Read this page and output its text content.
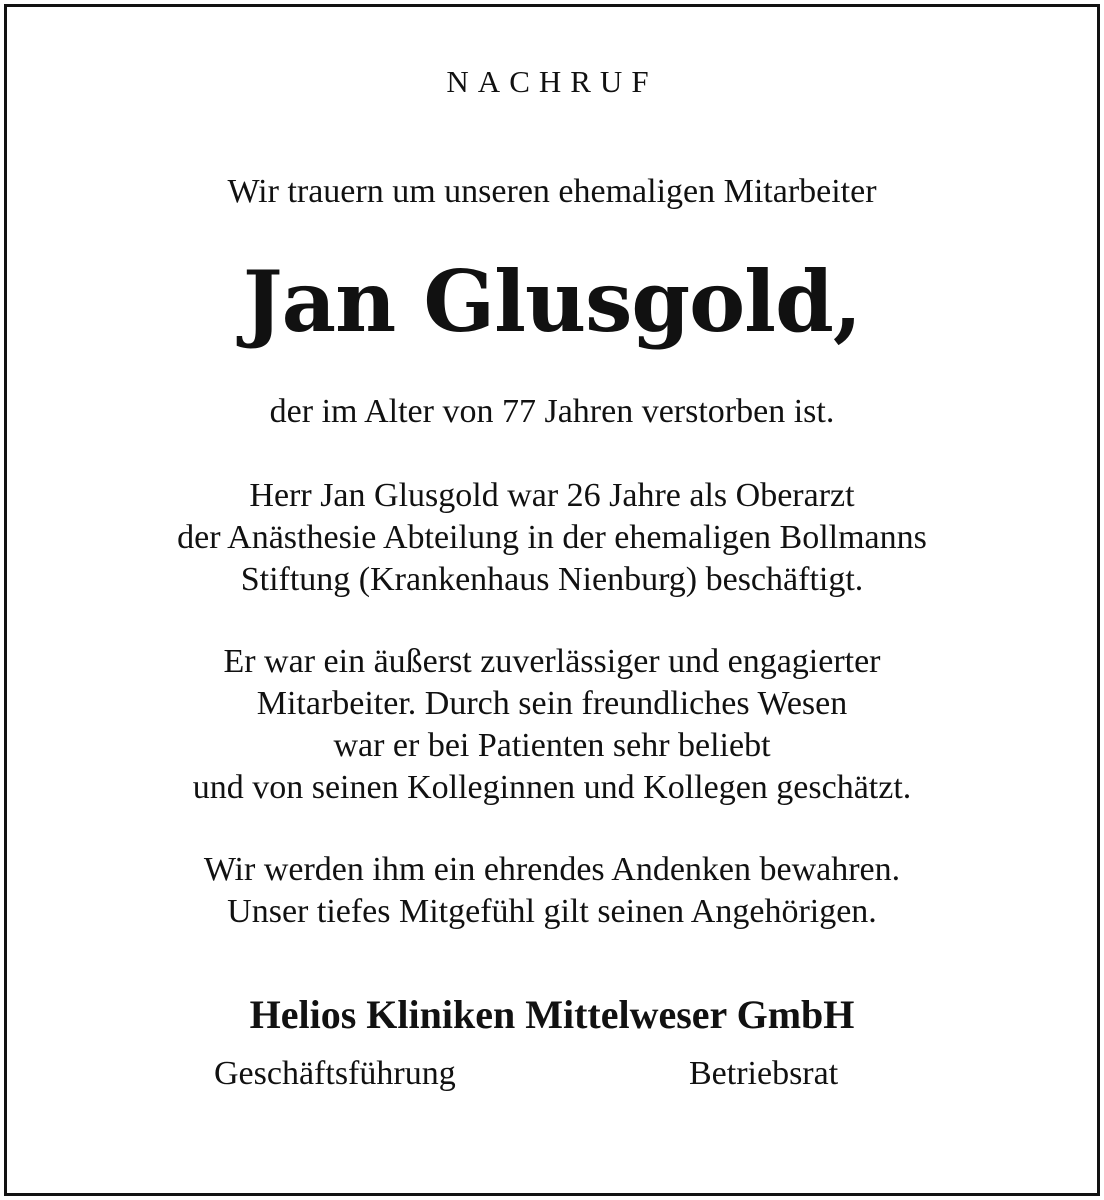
NACHRUF
Wir trauern um unseren ehemaligen Mitarbeiter
Jan Glusgold,
der im Alter von 77 Jahren verstorben ist.
Herr Jan Glusgold war 26 Jahre als Oberarzt
der Anästhesie Abteilung in der ehemaligen Bollmanns
Stiftung (Krankenhaus Nienburg) beschäftigt.
Er war ein äußerst zuverlässiger und engagierter
Mitarbeiter. Durch sein freundliches Wesen
war er bei Patienten sehr beliebt
und von seinen Kolleginnen und Kollegen geschätzt.
Wir werden ihm ein ehrendes Andenken bewahren.
Unser tiefes Mitgefühl gilt seinen Angehörigen.
Helios Kliniken Mittelweser GmbH
Geschäftsführung	Betriebsrat
